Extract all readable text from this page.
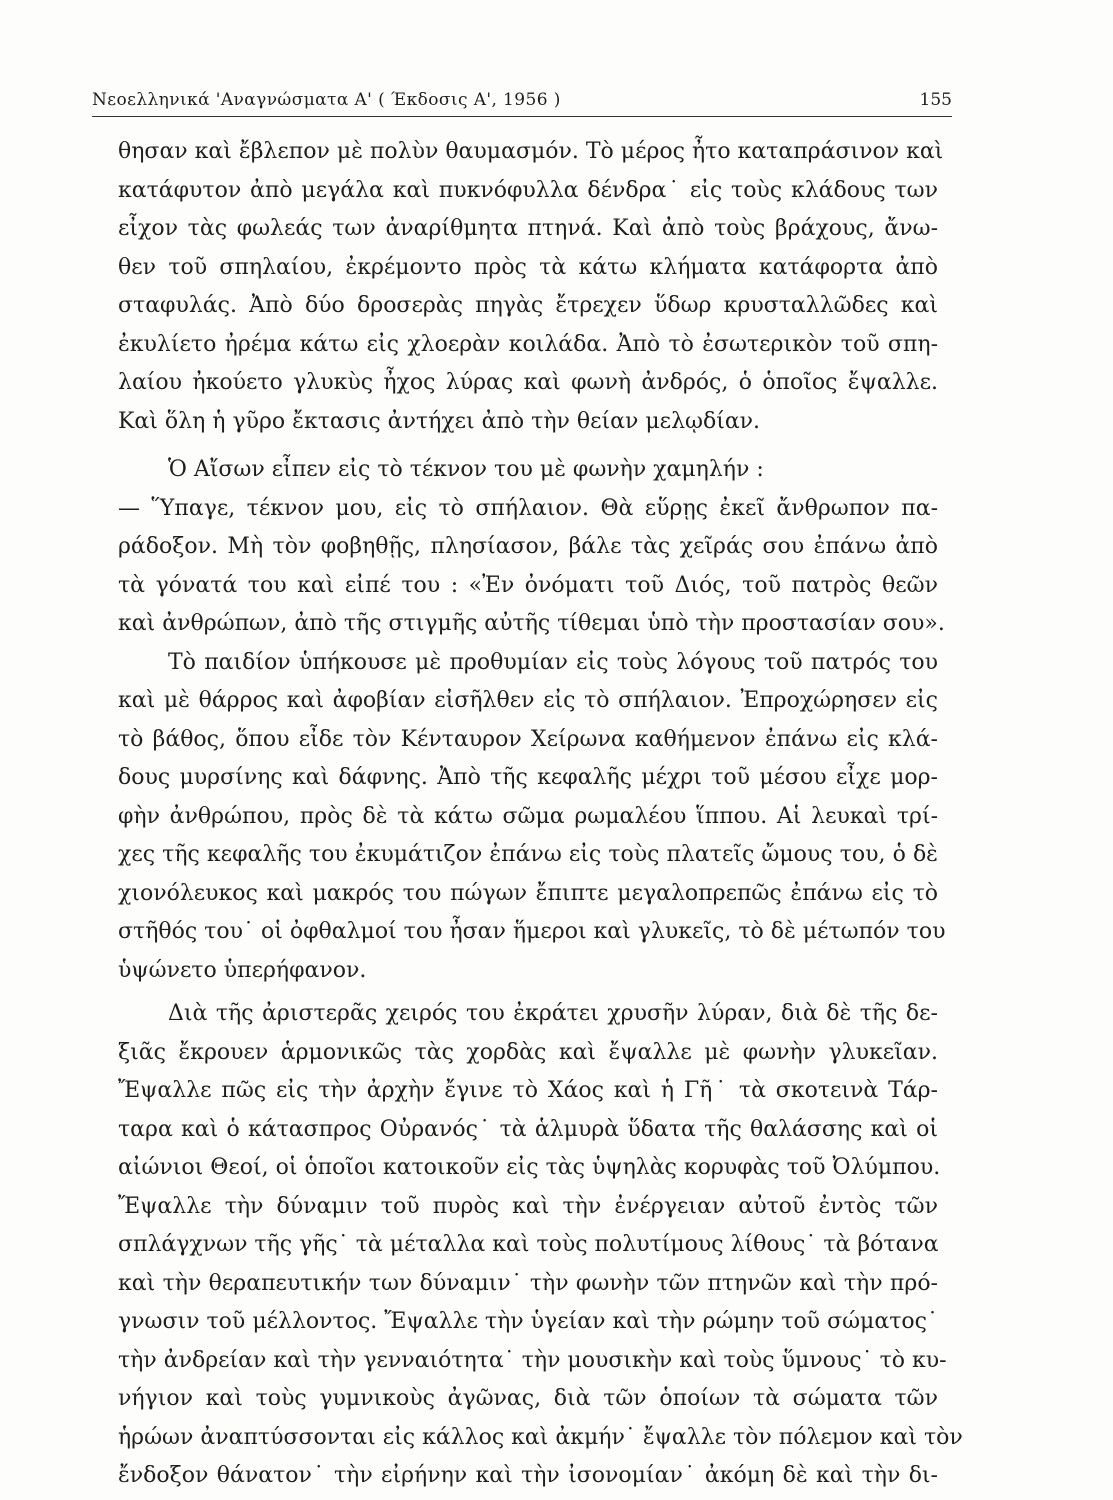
Νεοελληνικά 'Αναγνώσματα Α' ( Έκδοσις Α', 1956 )	155
θησαν καὶ ἔβλεπον μὲ πολὺν θαυμασμόν. Τὸ μέρος ἦτο καταπράσινον καὶ
κατάφυτον ἀπὸ μεγάλα καὶ πυκνόφυλλα δένδρα˙ εἰς τοὺς κλάδους των
εἶχον τὰς φωλεάς των ἀναρίθμητα πτηνά. Καὶ ἀπὸ τοὺς βράχους, ἄνω-
θεν τοῦ σπηλαίου, ἐκρέμοντο πρὸς τὰ κάτω κλήματα κατάφορτα ἀπὸ
σταφυλάς. Ἀπὸ δύο δροσερὰς πηγὰς ἔτρεχεν ὕδωρ κρυσταλλῶδες καὶ
ἐκυλίετο ἠρέμα κάτω εἰς χλοερὰν κοιλάδα. Ἀπὸ τὸ ἐσωτερικὸν τοῦ σπη-
λαίου ἠκούετο γλυκὺς ἦχος λύρας καὶ φωνὴ ἀνδρός, ὁ ὁποῖος ἔψαλλε.
Καὶ ὅλη ἡ γῦρο ἔκτασις ἀντήχει ἀπὸ τὴν θείαν μελῳδίαν.
Ὁ Αἴσων εἶπεν εἰς τὸ τέκνον του μὲ φωνὴν χαμηλήν :
— Ὕπαγε, τέκνον μου, εἰς τὸ σπήλαιον. Θὰ εὕρῃς ἐκεῖ ἄνθρωπον πα-
ράδοξον. Μὴ τὸν φοβηθῇς, πλησίασον, βάλε τὰς χεῖράς σου ἐπάνω ἀπὸ
τὰ γόνατά του καὶ εἰπέ του : «Ἐν ὀνόματι τοῦ Διός, τοῦ πατρὸς θεῶν
καὶ ἀνθρώπων, ἀπὸ τῆς στιγμῆς αὐτῆς τίθεμαι ὑπὸ τὴν προστασίαν σου».
Τὸ παιδίον ὑπήκουσε μὲ προθυμίαν εἰς τοὺς λόγους τοῦ πατρός του
καὶ μὲ θάρρος καὶ ἀφοβίαν εἰσῆλθεν εἰς τὸ σπήλαιον. Ἐπροχώρησεν εἰς
τὸ βάθος, ὅπου εἶδε τὸν Κένταυρον Χείρωνα καθήμενον ἐπάνω εἰς κλά-
δους μυρσίνης καὶ δάφνης. Ἀπὸ τῆς κεφαλῆς μέχρι τοῦ μέσου εἶχε μορ-
φὴν ἀνθρώπου, πρὸς δὲ τὰ κάτω σῶμα ρωμαλέου ἵππου. Αἱ λευκαὶ τρί-
χες τῆς κεφαλῆς του ἐκυμάτιζον ἐπάνω εἰς τοὺς πλατεῖς ὤμους του, ὁ δὲ
χιονόλευκος καὶ μακρός του πώγων ἔπιπτε μεγαλοπρεπῶς ἐπάνω εἰς τὸ
στῆθός του˙ οἱ ὀφθαλμοί του ἦσαν ἥμεροι καὶ γλυκεῖς, τὸ δὲ μέτωπόν του
ὑψώνετο ὑπερήφανον.
Διὰ τῆς ἀριστερᾶς χειρός του ἐκράτει χρυσῆν λύραν, διὰ δὲ τῆς δε-
ξιᾶς ἔκρουεν ἁρμονικῶς τὰς χορδὰς καὶ ἔψαλλε μὲ φωνὴν γλυκεῖαν.
Ἔψαλλε πῶς εἰς τὴν ἀρχὴν ἔγινε τὸ Χάος καὶ ἡ Γῆ˙ τὰ σκοτεινὰ Τάρ-
ταρα καὶ ὁ κάτασπρος Οὐρανός˙ τὰ ἁλμυρὰ ὕδατα τῆς θαλάσσης καὶ οἱ
αἰώνιοι Θεοί, οἱ ὁποῖοι κατοικοῦν εἰς τὰς ὑψηλὰς κορυφὰς τοῦ Ὀλύμπου.
Ἔψαλλε τὴν δύναμιν τοῦ πυρὸς καὶ τὴν ἐνέργειαν αὐτοῦ ἐντὸς τῶν
σπλάγχνων τῆς γῆς˙ τὰ μέταλλα καὶ τοὺς πολυτίμους λίθους˙ τὰ βότανα
καὶ τὴν θεραπευτικήν των δύναμιν˙ τὴν φωνὴν τῶν πτηνῶν καὶ τὴν πρό-
γνωσιν τοῦ μέλλοντος. Ἔψαλλε τὴν ὑγείαν καὶ τὴν ρώμην τοῦ σώματος˙
τὴν ἀνδρείαν καὶ τὴν γενναιότητα˙ τὴν μουσικὴν καὶ τοὺς ὕμνους˙ τὸ κυ-
νήγιον καὶ τοὺς γυμνικοὺς ἀγῶνας, διὰ τῶν ὁποίων τὰ σώματα τῶν
ἡρώων ἀναπτύσσονται εἰς κάλλος καὶ ἀκμήν˙ ἔψαλλε τὸν πόλεμον καὶ τὸν
ἔνδοξον θάνατον˙ τὴν εἰρήνην καὶ τὴν ἰσονομίαν˙ ἀκόμη δὲ καὶ τὴν δι-
